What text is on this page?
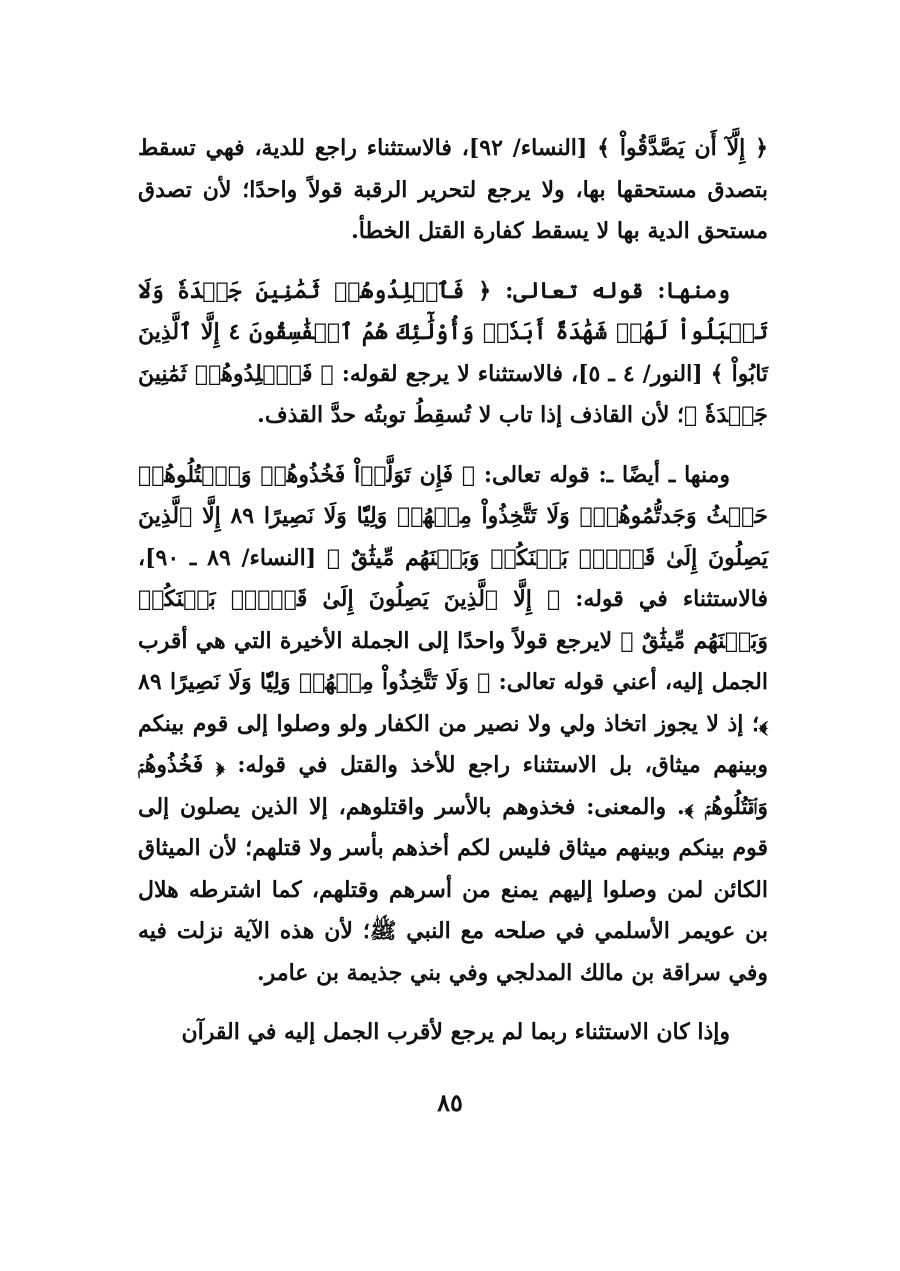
﴿ إِلَّآ أَن يَصَّدَّقُواْ ﴾ [النساء/ ٩٢]، فالاستثناء راجع للدية، فهي تسقط بتصدق مستحقها بها، ولا يرجع لتحرير الرقبة قولاً واحدًا؛ لأن تصدق مستحق الدية بها لا يسقط كفارة القتل الخطأ.

ومنها: قوله تعالى: ﴿ فَٱجۡلِدُوهُمۡ ثَمَٰنِينَ جَلۡدَةٗ وَلَا تَقۡبَلُواْ لَهُمۡ شَهَٰدَةً أَبَدٗاۚ وَأُوْلَٰٓئِكَ هُمُ ٱلۡفَٰسِقُونَ ٤ إِلَّا ٱلَّذِينَ تَابُواْ ﴾ [النور/ ٤ ـ ٥]، فالاستثناء لا يرجع لقوله: ﴿ فَٱجۡلِدُوهُمۡ ثَمَٰنِينَ جَلۡدَةٗ ﴾؛ لأن القاذف إذا تاب لا تُسقِطُ توبتُه حدَّ القذف.

ومنها ـ أيضًا ـ: قوله تعالى: ﴿ فَإِن تَوَلَّوۡاْ فَخُذُوهُمۡ وَٱقۡتُلُوهُمۡ حَيۡثُ وَجَدتُّمُوهُمۡۖ وَلَا تَتَّخِذُواْ مِنۡهُمۡ وَلِيّٗا وَلَا نَصِيرًا ٨٩ إِلَّا ٱلَّذِينَ يَصِلُونَ إِلَىٰ قَوۡمِۭ بَيۡنَكُمۡ وَبَيۡنَهُم مِّيثَٰقٌ ﴾ [النساء/ ٨٩ ـ ٩٠]، فالاستثناء في قوله: ﴿ إِلَّا ٱلَّذِينَ يَصِلُونَ إِلَىٰ قَوۡمِۭ بَيۡنَكُمۡ وَبَيۡنَهُم مِّيثَٰقٌ ﴾ لايرجع قولاً واحدًا إلى الجملة الأخيرة التي هي أقرب الجمل إليه، أعني قوله تعالى: ﴿ وَلَا تَتَّخِذُواْ مِنۡهُمۡ وَلِيّٗا وَلَا نَصِيرًا ٨٩ ﴾؛ إذ لا يجوز اتخاذ ولي ولا نصير من الكفار ولو وصلوا إلى قوم بينكم وبينهم ميثاق، بل الاستثناء راجع للأخذ والقتل في قوله: ﴿ فَخُذُوهُمۡ وَٱقۡتُلُوهُمۡ ﴾. والمعنى: فخذوهم بالأسر واقتلوهم، إلا الذين يصلون إلى قوم بينكم وبينهم ميثاق فليس لكم أخذهم بأسر ولا قتلهم؛ لأن الميثاق الكائن لمن وصلوا إليهم يمنع من أسرهم وقتلهم، كما اشترطه هلال بن عويمر الأسلمي في صلحه مع النبي ﷺ؛ لأن هذه الآية نزلت فيه وفي سراقة بن مالك المدلجي وفي بني جذيمة بن عامر.

وإذا كان الاستثناء ربما لم يرجع لأقرب الجمل إليه في القرآن

٨٥
